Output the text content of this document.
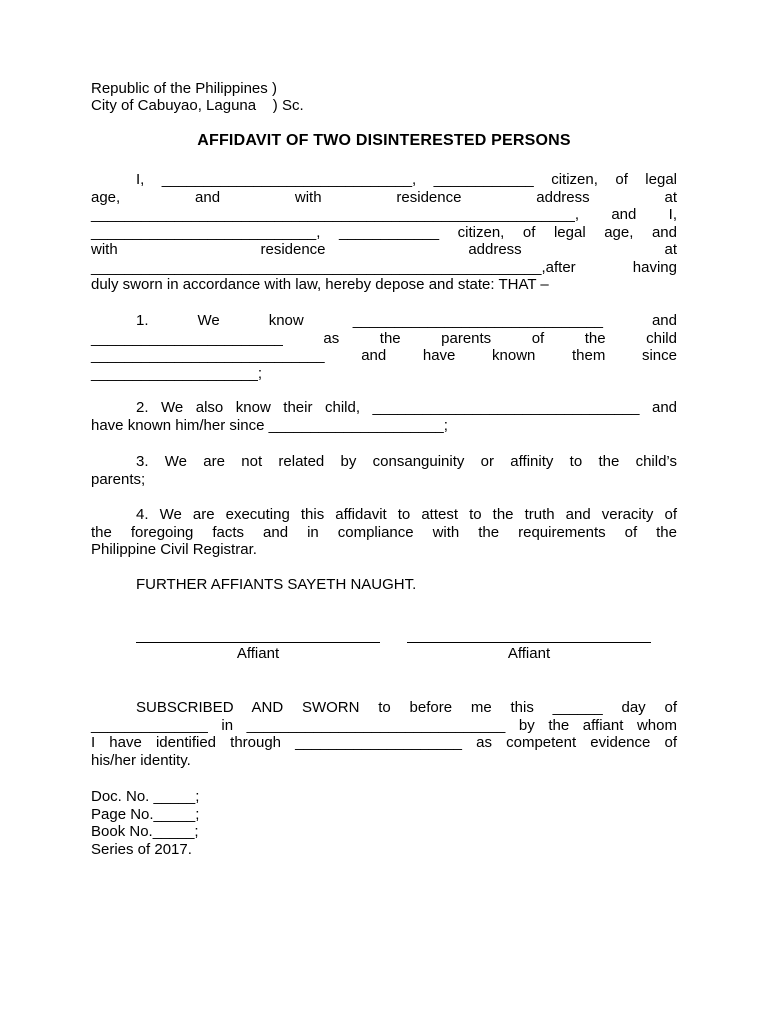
Republic of the Philippines )
City of Cabuyao, Laguna    ) Sc.
AFFIDAVIT OF TWO DISINTERESTED PERSONS
I, ______________________________, ____________ citizen, of legal
age, and with residence address at
__________________________________________________________, and I,
___________________________, ____________ citizen, of legal age, and
with residence address at
______________________________________________________,after having
duly sworn in accordance with law, hereby depose and state: THAT –
1. We know ______________________________ and
_______________________ as the parents of the child
____________________________ and have known them since
____________________;
2. We also know their child, ________________________________ and
have known him/her since _____________________;
3. We are not related by consanguinity or affinity to the child’s
parents;
4. We are executing this affidavit to attest to the truth and veracity of
the foregoing facts and in compliance with the requirements of the
Philippine Civil Registrar.
FURTHER AFFIANTS SAYETH NAUGHT.
Affiant	Affiant
SUBSCRIBED AND SWORN to before me this ______ day of
______________ in _______________________________ by the affiant whom
I have identified through ____________________ as competent evidence of
his/her identity.
Doc. No. _____;
Page No._____;
Book No._____;
Series of 2017.
